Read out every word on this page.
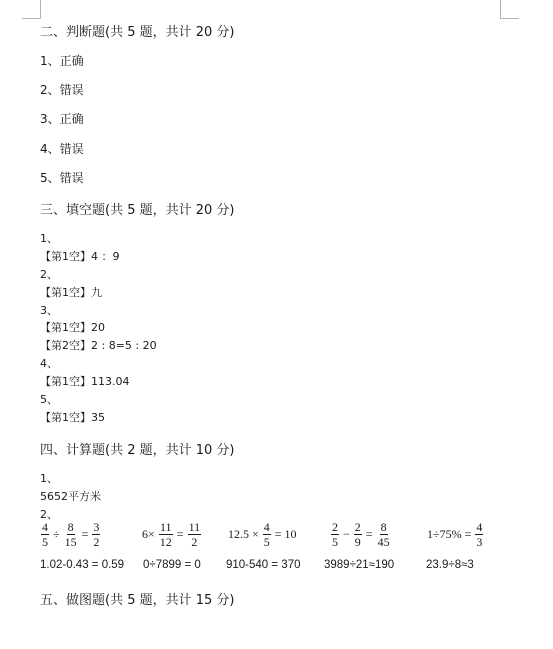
二、判断题(共 5 题，共计 20 分)
1、正确
2、错误
3、正确
4、错误
5、错误
三、填空题(共 5 题，共计 20 分)
1、
【第1空】4 ：9
2、
【第1空】九
3、
【第1空】20
【第2空】2 : 8=5 : 20
4、
【第1空】113.04
5、
【第1空】35
四、计算题(共 2 题，共计 10 分)
1、
5652平方米
2、
$\frac{4}{5} \div \frac{8}{15} = \frac{3}{2}$	$6\times \frac{11}{12} = \frac{11}{2} 12.5 \times \frac{4}{5} = 10$	$\frac{2}{5} - \frac{2}{9} = \frac{8}{45}$	$1\div 75\% = \frac{4}{3}$
1.02-0.43 = 0.59 0÷7899 = 0 910-540 = 370 3989÷21≈190	23.9÷8≈3
五、做图题(共 5 题，共计 15 分)
